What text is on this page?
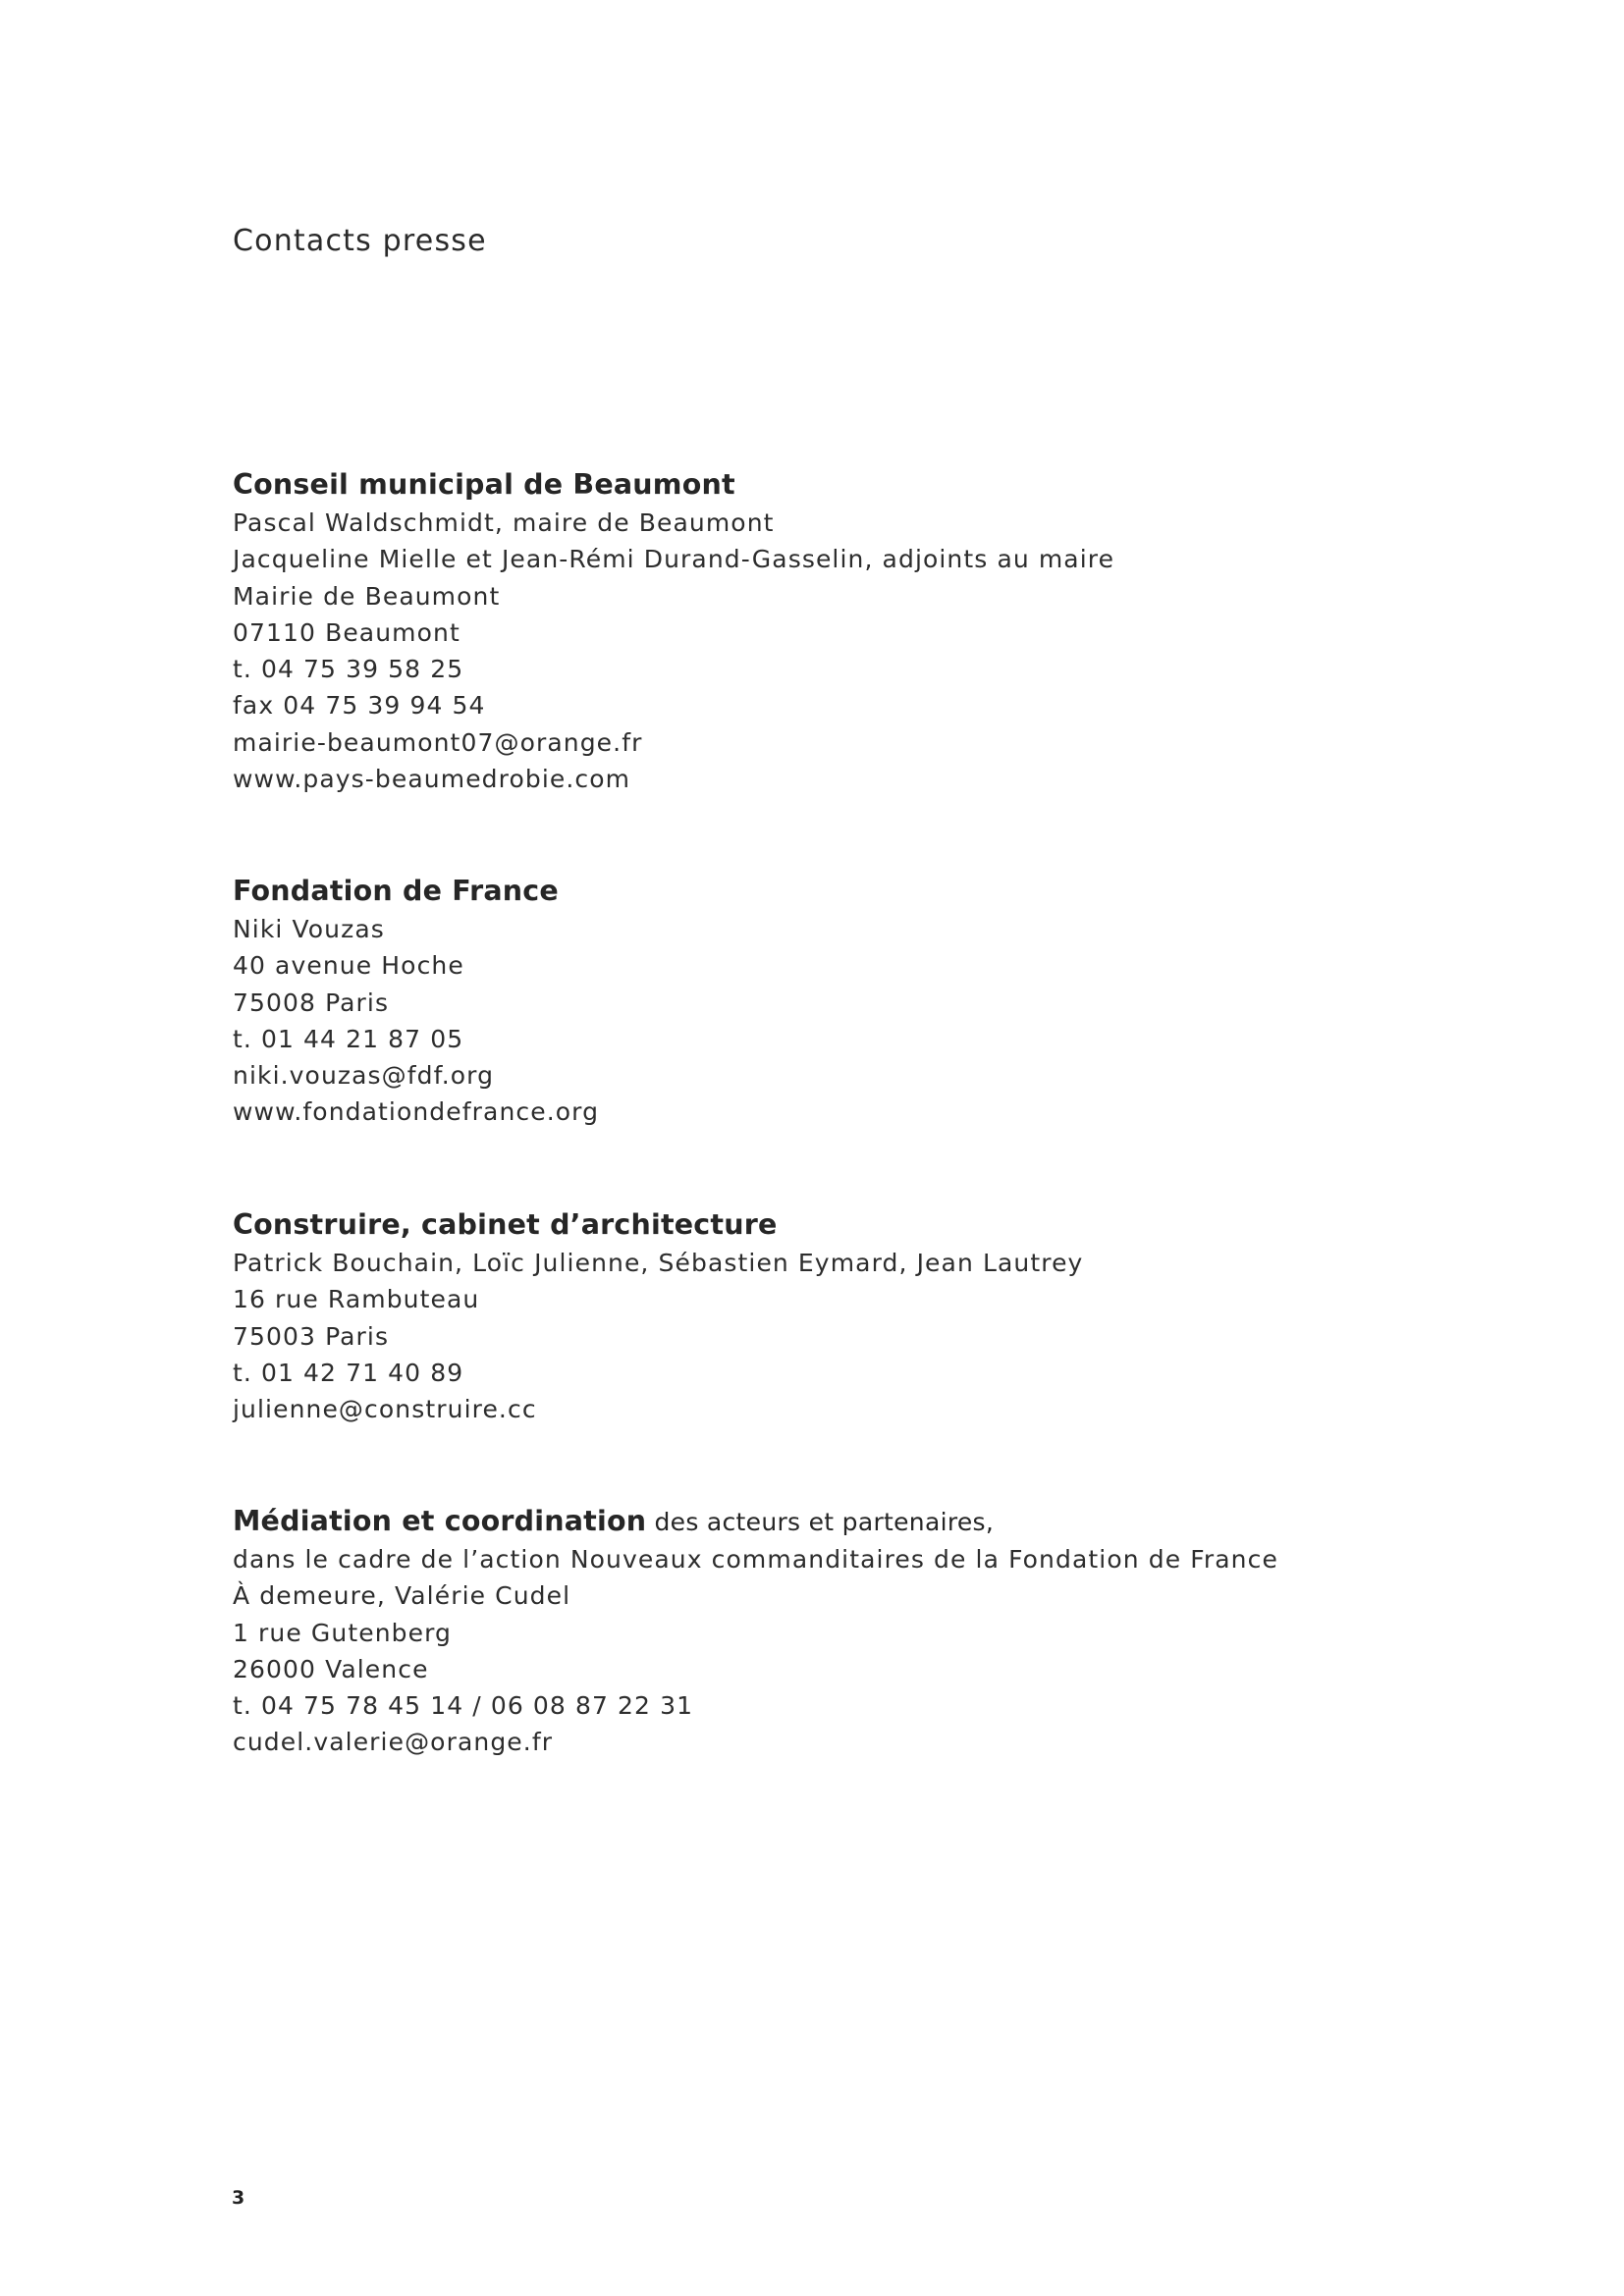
Contacts presse
Conseil municipal de Beaumont
Pascal Waldschmidt, maire de Beaumont
Jacqueline Mielle et Jean-Rémi Durand-Gasselin, adjoints au maire
Mairie de Beaumont
07110 Beaumont
t. 04 75 39 58 25
fax 04 75 39 94 54
mairie-beaumont07@orange.fr
www.pays-beaumedrobie.com
Fondation de France
Niki Vouzas
40 avenue Hoche
75008 Paris
t. 01 44 21 87 05
niki.vouzas@fdf.org
www.fondationdefrance.org
Construire, cabinet d’architecture
Patrick Bouchain, Loïc Julienne, Sébastien Eymard, Jean Lautrey
16 rue Rambuteau
75003 Paris
t. 01 42 71 40 89
julienne@construire.cc
Médiation et coordination des acteurs et partenaires,
dans le cadre de l’action Nouveaux commanditaires de la Fondation de France
À demeure, Valérie Cudel
1 rue Gutenberg
26000 Valence
t. 04 75 78 45 14 / 06 08 87 22 31
cudel.valerie@orange.fr
3
